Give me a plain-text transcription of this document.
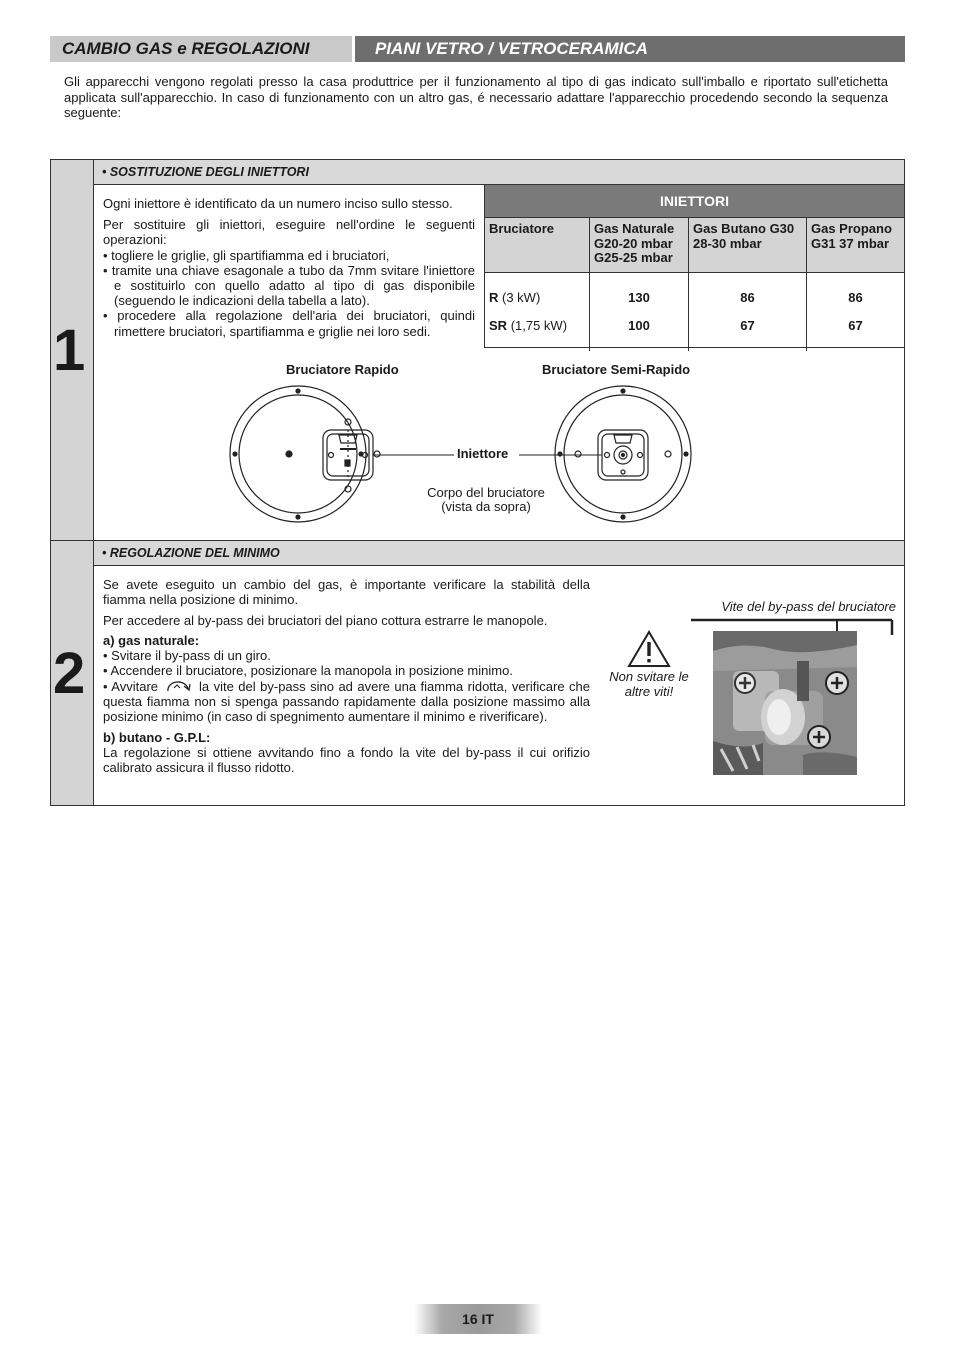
CAMBIO GAS e REGOLAZIONI	PIANI VETRO / VETROCERAMICA
Gli apparecchi vengono regolati presso la casa produttrice per il funzionamento al tipo di gas indicato sull'imballo e riportato sull'etichetta applicata sull'apparecchio. In caso di funzionamento con un altro gas, é necessario adattare l'apparecchio procedendo secondo la sequenza seguente:
1
• SOSTITUZIONE DEGLI INIETTORI

Ogni iniettore è identificato da un numero inciso sullo stesso.

Per sostituire gli iniettori, eseguire nell'ordine le seguenti operazioni:

• togliere le griglie, gli spartifiamma ed i bruciatori,
• tramite una chiave esagonale a tubo da 7mm svitare l'iniettore e sostituirlo con quello adatto al tipo di gas disponibile (seguendo le indicazioni della tabella a lato).
• procedere alla regolazione dell'aria dei bruciatori, quindi rimettere bruciatori, spartifiamma e griglie nei loro sedi.
INIETTORI
Bruciatore	Gas Naturale G20-20 mbar G25-25 mbar	Gas Butano G30 28-30 mbar	Gas Propano G31 37 mbar
R (3 kW)	130	86	86
SR (1,75 kW)	100	67	67
Bruciatore Rapido	Bruciatore Semi-Rapido
Iniettore
Corpo del bruciatore
(vista da sopra)
2
• REGOLAZIONE DEL MINIMO

Se avete eseguito un cambio del gas, è importante verificare la stabilità della fiamma nella posizione di minimo.

Per accedere al by-pass dei bruciatori del piano cottura estrarre le manopole.

a) gas naturale:

• Svitare il by-pass di un giro.

• Accendere il bruciatore, posizionare la manopola in posizione minimo.

• Avvitare	la vite del by-pass sino ad avere una fiamma ridotta, verificare che questa fiamma non si spenga passando rapidamente dalla posizione massimo alla posizione minimo (in caso di spegnimento aumentare il minimo e riverificare).

b) butano - G.P.L:

La regolazione si ottiene avvitando fino a fondo la vite del by-pass il cui orifizio calibrato assicura il flusso ridotto.

Non svitare le altre viti!
Vite del by-pass del bruciatore
16 IT
